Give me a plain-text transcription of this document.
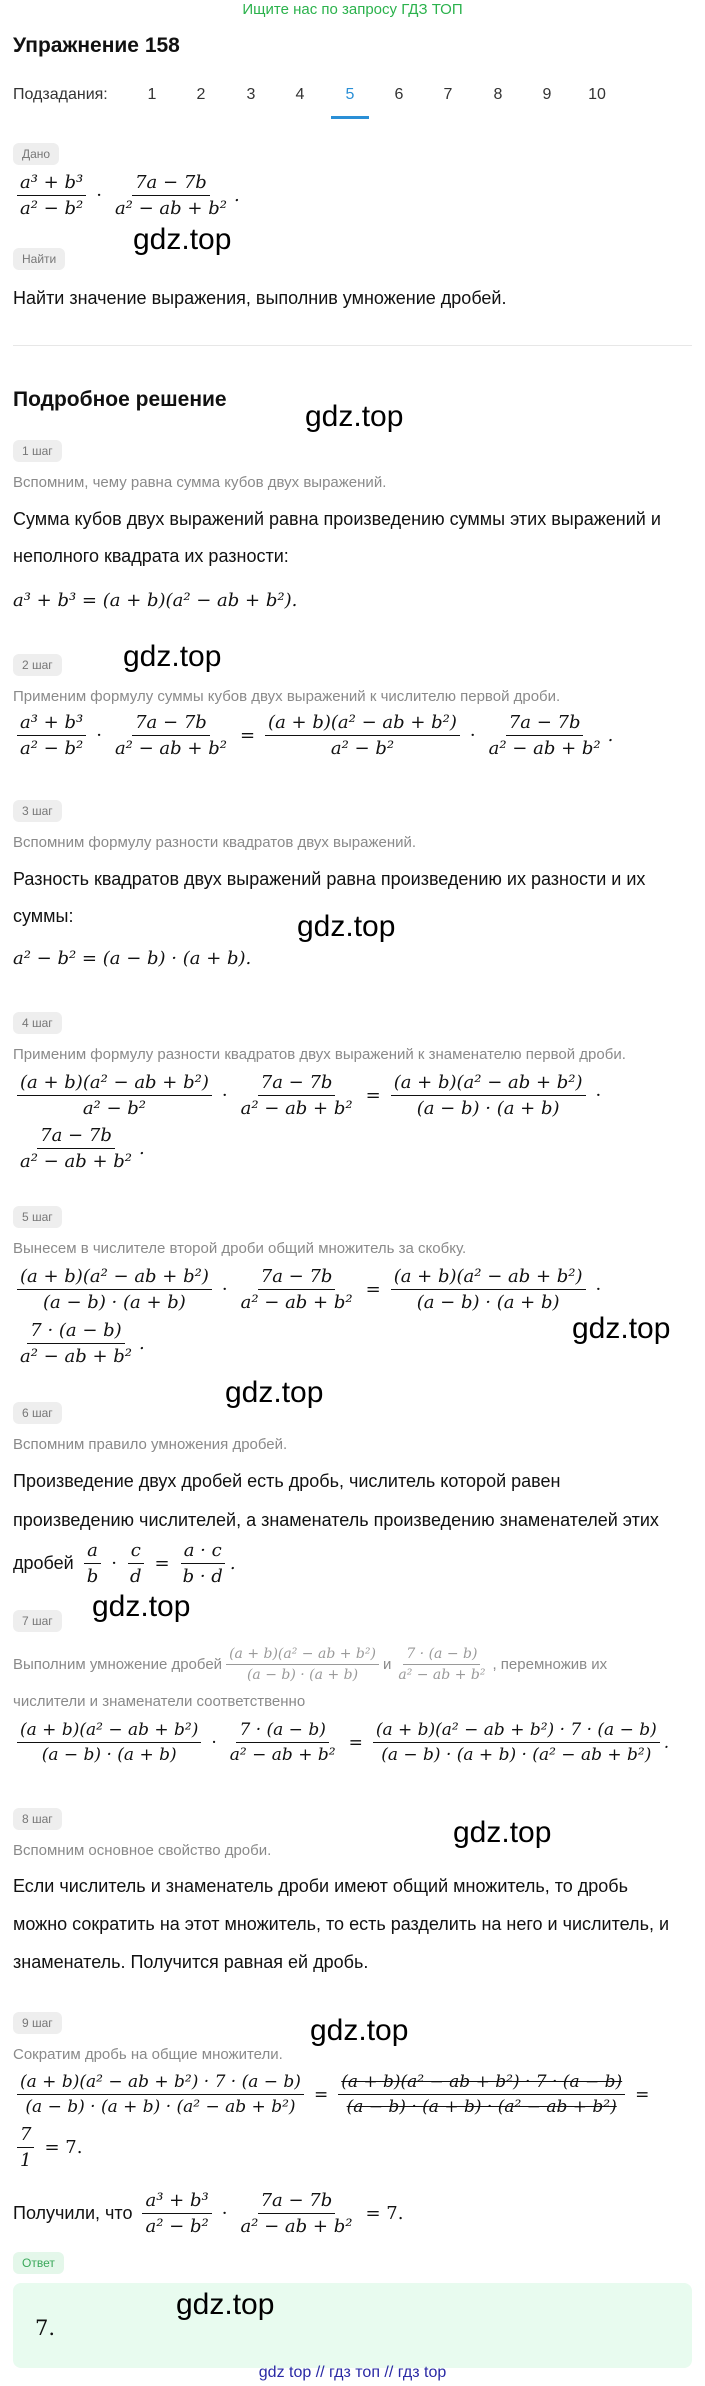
Ищите нас по запросу ГДЗ ТОП
Упражнение 158
Подзадания:	1	2	3	4	5	6	7	8	9	10
Дано
$\frac{\text{a³ + b³}}{\text{a² − b²}} \cdot \frac{7a - 7b}{\text{a² − ab + b²}}$ .
gdz.top
Найти
Найти значение выражения, выполнив умножение дробей.
Подробное решение
gdz.top
1 шаг
Вспомним, чему равна сумма кубов двух выражений.
Сумма кубов двух выражений равна произведению суммы этих выражений и
неполного квадрата их разности:
a³ + b³ = (a + b)(a² − ab + b²).
2 шаг	gdz.top
Применим формулу суммы кубов двух выражений к числителю первой дроби.
$\frac{\text{a³ + b³}}{\text{a² − b²}} \cdot \frac{7a - 7b}{\text{a² − ab + b²}} = \frac{\text{(a + b)(a² − ab + b²)}}{\text{a² − b²}} \cdot \frac{7a - 7b}{\text{a² − ab + b²}}$ .
3 шаг
Вспомним формулу разности квадратов двух выражений.
Разность квадратов двух выражений равна произведению их разности и их
суммы:	gdz.top
a² − b² = (a − b) · (a + b).
4 шаг
Применим формулу разности квадратов двух выражений к знаменателю первой дроби.
$\frac{\text{(a + b)(a² − ab + b²)}}{\text{a² − b²}} \cdot \frac{7a - 7b}{\text{a² − ab + b²}} = \frac{\text{(a + b)(a² − ab + b²)}}{(a - b) \cdot (a + b)}$ ·
$\frac{7a - 7b}{\text{a² − ab + b²}}$ .
5 шаг
Вынесем в числителе второй дроби общий множитель за скобку.
$\frac{\text{(a + b)(a² − ab + b²)}}{(a - b) \cdot (a + b)} \cdot \frac{7a - 7b}{\text{a² − ab + b²}} = \frac{\text{(a + b)(a² − ab + b²)}}{(a - b) \cdot (a + b)}$ ·
gdz.top
$\frac{7 \cdot (a - b)}{\text{a² − ab + b²}}$ .
gdz.top
6 шаг
Вспомним правило умножения дробей.
Произведение двух дробей есть дробь, числитель которой равен
произведению числителей, а знаменатель произведению знаменателей этих
дробей $\frac{a}{b} \cdot \frac{c}{d} = \frac{a \cdot c}{b \cdot d}$ .
gdz.top
7 шаг
Выполним умножение дробей $\frac{\text{(a + b)(a² − ab + b²)}}{(a - b) \cdot (a + b)}$ и $\frac{7 \cdot (a - b)}{\text{a² − ab + b²}}$ , перемножив их
числители и знаменатели соответственно
$\frac{\text{(a + b)(a² − ab + b²)}}{(a - b) \cdot (a + b)} \cdot \frac{7 \cdot (a - b)}{\text{a² − ab + b²}} = \frac{\text{(a + b)(a² − ab + b²) · 7 · (a − b)}}{\text{(a − b) · (a + b) · (a² − ab + b²)}}$ .
8 шаг	gdz.top
Вспомним основное свойство дроби.
Если числитель и знаменатель дроби имеют общий множитель, то дробь
можно сократить на этот множитель, то есть разделить на него и числитель, и
знаменатель. Получится равная ей дробь.
9 шаг	gdz.top
Сократим дробь на общие множители.
$\frac{\text{(a + b)(a² − ab + b²) · 7 · (a − b)}}{\text{(a − b) · (a + b) · (a² − ab + b²)}} = \frac{\text{(a + b)(a² − ab + b²) · 7 · (a − b)}}{\text{(a − b) · (a + b) · (a² − ab + b²)}}$ =
$\frac{7}{1} = 7$.
Получили, что $\frac{\text{a³ + b³}}{\text{a² − b²}} \cdot \frac{7a - 7b}{\text{a² − ab + b²}} = 7$.
Ответ
7.
gdz.top
gdz top // гдз топ // гдз top
